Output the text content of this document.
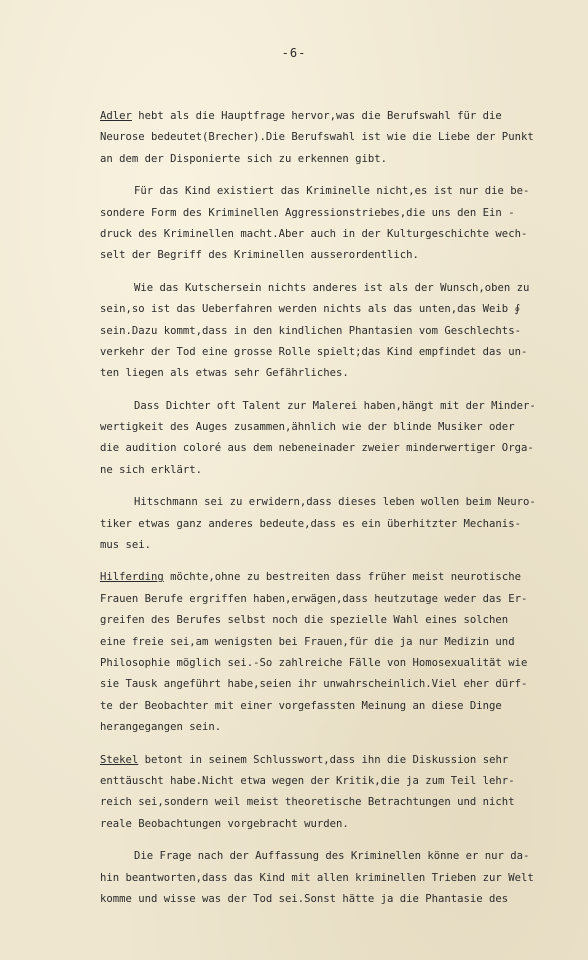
-6-
Adler hebt als die Hauptfrage hervor,was die Berufswahl für die
Neurose bedeutet(Brecher).Die Berufswahl ist wie die Liebe der Punkt
an dem der Disponierte sich zu erkennen gibt.
Für das Kind existiert das Kriminelle nicht,es ist nur die be-
sondere Form des Kriminellen Aggressionstriebes,die uns den Ein -
druck des Kriminellen macht.Aber auch in der Kulturgeschichte wech-
selt der Begriff des Kriminellen ausserordentlich.
Wie das Kutschersein nichts anderes ist als der Wunsch,oben zu
sein,so ist das Ueberfahren werden nichts als das unten,das Weib ∮
sein.Dazu kommt,dass in den kindlichen Phantasien vom Geschlechts-
verkehr der Tod eine grosse Rolle spielt;das Kind empfindet das un-
ten liegen als etwas sehr Gefährliches.
Dass Dichter oft Talent zur Malerei haben,hängt mit der Minder-
wertigkeit des Auges zusammen,ähnlich wie der blinde Musiker oder
die audition coloré aus dem nebeneinader zweier minderwertiger Orga-
ne sich erklärt.
Hitschmann sei zu erwidern,dass dieses leben wollen beim Neuro-
tiker etwas ganz anderes bedeute,dass es ein überhitzter Mechanis-
mus sei.
Hilferding möchte,ohne zu bestreiten dass früher meist neurotische
Frauen Berufe ergriffen haben,erwägen,dass heutzutage weder das Er-
greifen des Berufes selbst noch die spezielle Wahl eines solchen
eine freie sei,am wenigsten bei Frauen,für die ja nur Medizin und
Philosophie möglich sei.-So zahlreiche Fälle von Homosexualität wie
sie Tausk angeführt habe,seien ihr unwahrscheinlich.Viel eher dürf-
te der Beobachter mit einer vorgefassten Meinung an diese Dinge
herangegangen sein.
Stekel betont in seinem Schlusswort,dass ihn die Diskussion sehr
enttäuscht habe.Nicht etwa wegen der Kritik,die ja zum Teil lehr-
reich sei,sondern weil meist theoretische Betrachtungen und nicht
reale Beobachtungen vorgebracht wurden.
Die Frage nach der Auffassung des Kriminellen könne er nur da-
hin beantworten,dass das Kind mit allen kriminellen Trieben zur Welt
komme und wisse was der Tod sei.Sonst hätte ja die Phantasie des
